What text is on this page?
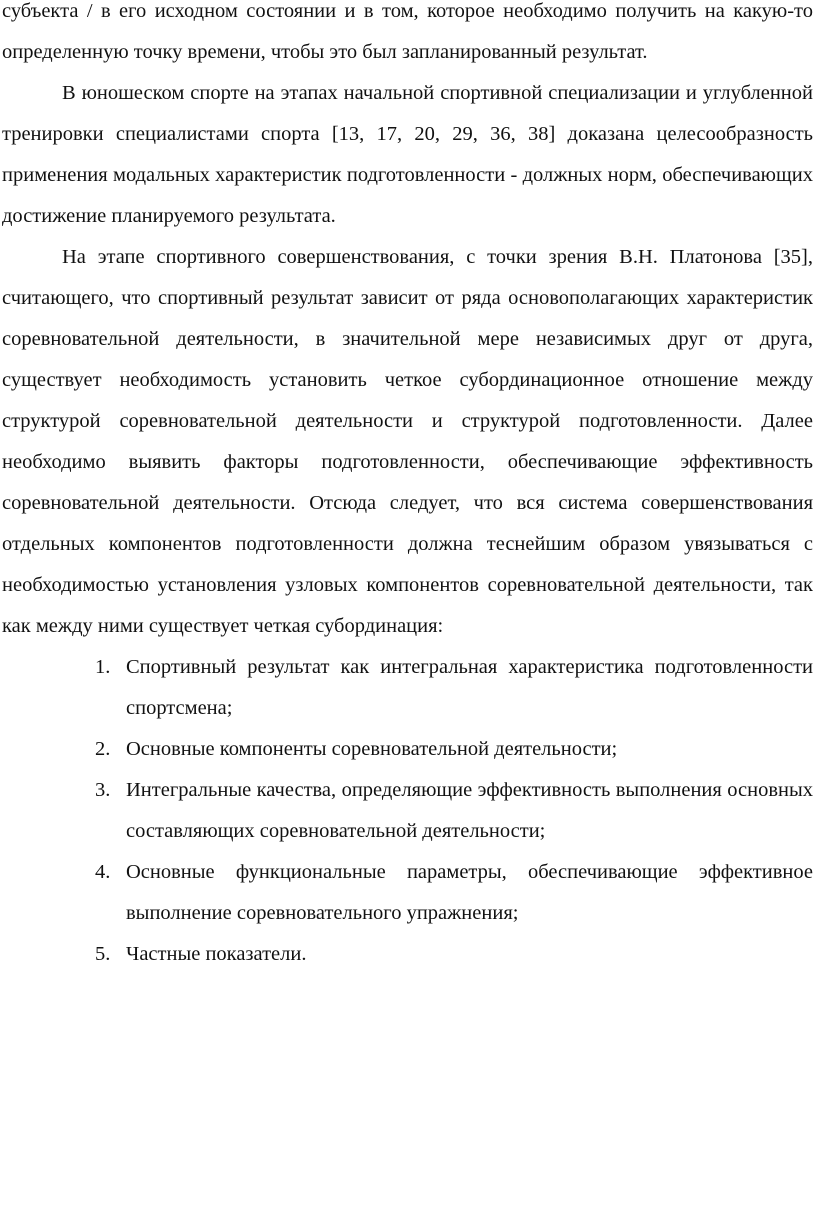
субъекта / в его исходном состоянии и в том, которое необходимо получить на какую-то определенную точку времени, чтобы это был запланированный результат.

В юношеском спорте на этапах начальной спортивной специализации и углубленной тренировки специалистами спорта [13, 17, 20, 29, 36, 38] доказана целесообразность применения модальных характеристик подготовленности - должных норм, обеспечивающих достижение планируемого результата.

На этапе спортивного совершенствования, с точки зрения В.Н. Платонова [35], считающего, что спортивный результат зависит от ряда основополагающих характеристик соревновательной деятельности, в значительной мере независимых друг от друга, существует необходимость установить четкое субординационное отношение между структурой соревновательной деятельности и структурой подготовленности. Далее необходимо выявить факторы подготовленности, обеспечивающие эффективность соревновательной деятельности. Отсюда следует, что вся система совершенствования отдельных компонентов подготовленности должна теснейшим образом увязываться с необходимостью установления узловых компонентов соревновательной деятельности, так как между ними существует четкая субординация:

1. Спортивный результат как интегральная характеристика подготовленности спортсмена;
2. Основные компоненты соревновательной деятельности;
3. Интегральные качества, определяющие эффективность выполнения основных составляющих соревновательной деятельности;
4. Основные функциональные параметры, обеспечивающие эффективное выполнение соревновательного упражнения;
5. Частные показатели.
